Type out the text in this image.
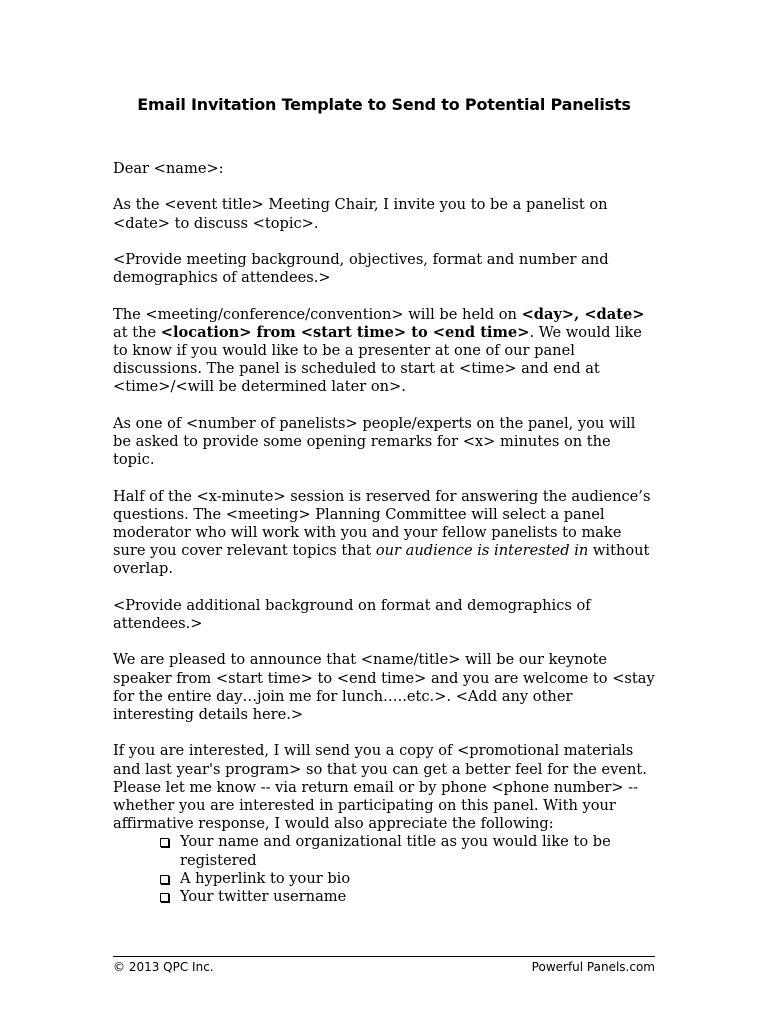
Email Invitation Template to Send to Potential Panelists

Dear <name>:

As the <event title> Meeting Chair, I invite you to be a panelist on <date> to discuss <topic>.

<Provide meeting background, objectives, format and number and demographics of attendees.>

The <meeting/conference/convention> will be held on <day>, <date> at the <location> from <start time> to <end time>. We would like to know if you would like to be a presenter at one of our panel discussions. The panel is scheduled to start at <time> and end at <time>/<will be determined later on>.

As one of <number of panelists> people/experts on the panel, you will be asked to provide some opening remarks for <x> minutes on the topic.

Half of the <x-minute> session is reserved for answering the audience’s questions. The <meeting> Planning Committee will select a panel moderator who will work with you and your fellow panelists to make sure you cover relevant topics that our audience is interested in without overlap.

<Provide additional background on format and demographics of attendees.>

We are pleased to announce that <name/title> will be our keynote speaker from <start time> to <end time> and you are welcome to <stay for the entire day…join me for lunch…..etc.>. <Add any other interesting details here.>

If you are interested, I will send you a copy of <promotional materials and last year's program> so that you can get a better feel for the event. Please let me know -- via return email or by phone <phone number> -- whether you are interested in participating on this panel. With your affirmative response, I would also appreciate the following:

Your name and organizational title as you would like to be registered
A hyperlink to your bio
Your twitter username
© 2013 QPC Inc.	Powerful Panels.com
